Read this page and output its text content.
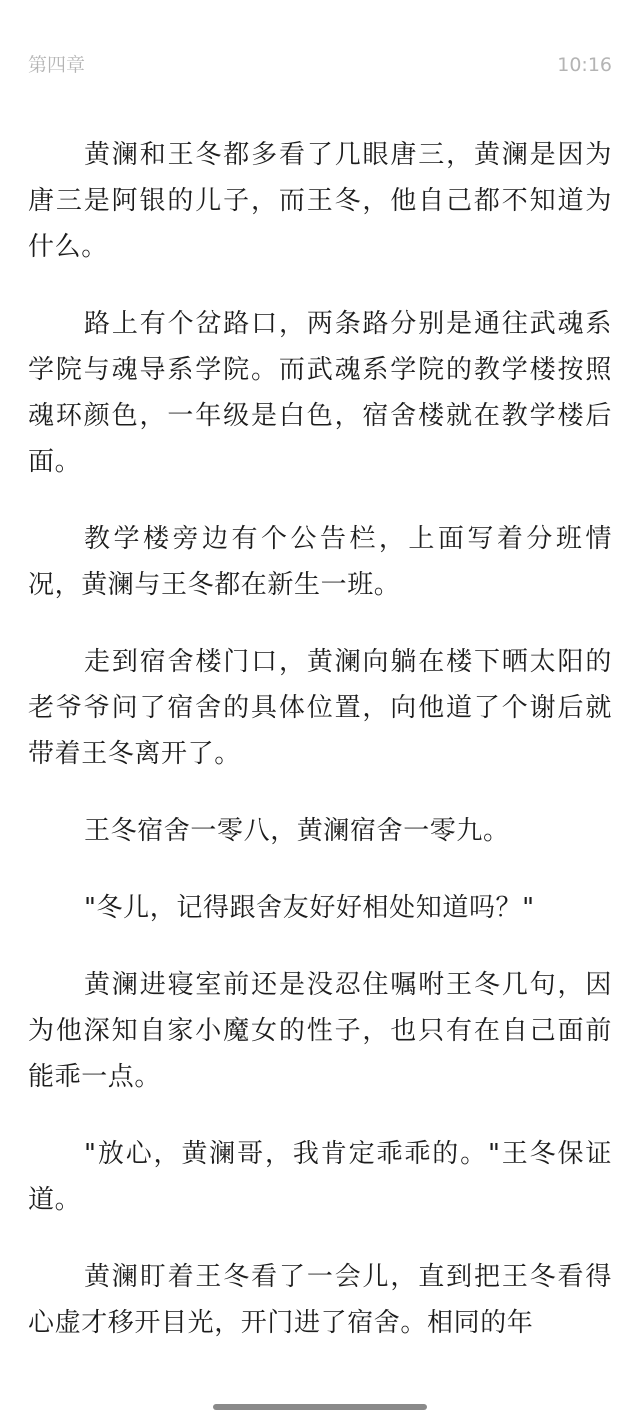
第四章	10:16

黄澜和王冬都多看了几眼唐三，黄澜是因为唐三是阿银的儿子，而王冬，他自己都不知道为什么。

路上有个岔路口，两条路分别是通往武魂系学院与魂导系学院。而武魂系学院的教学楼按照魂环颜色，一年级是白色，宿舍楼就在教学楼后面。

教学楼旁边有个公告栏，上面写着分班情况，黄澜与王冬都在新生一班。

走到宿舍楼门口，黄澜向躺在楼下晒太阳的老爷爷问了宿舍的具体位置，向他道了个谢后就带着王冬离开了。

王冬宿舍一零八，黄澜宿舍一零九。

"冬儿，记得跟舍友好好相处知道吗？"

黄澜进寝室前还是没忍住嘱咐王冬几句，因为他深知自家小魔女的性子，也只有在自己面前能乖一点。

"放心，黄澜哥，我肯定乖乖的。"王冬保证道。

黄澜盯着王冬看了一会儿，直到把王冬看得心虚才移开目光，开门进了宿舍。相同的年
